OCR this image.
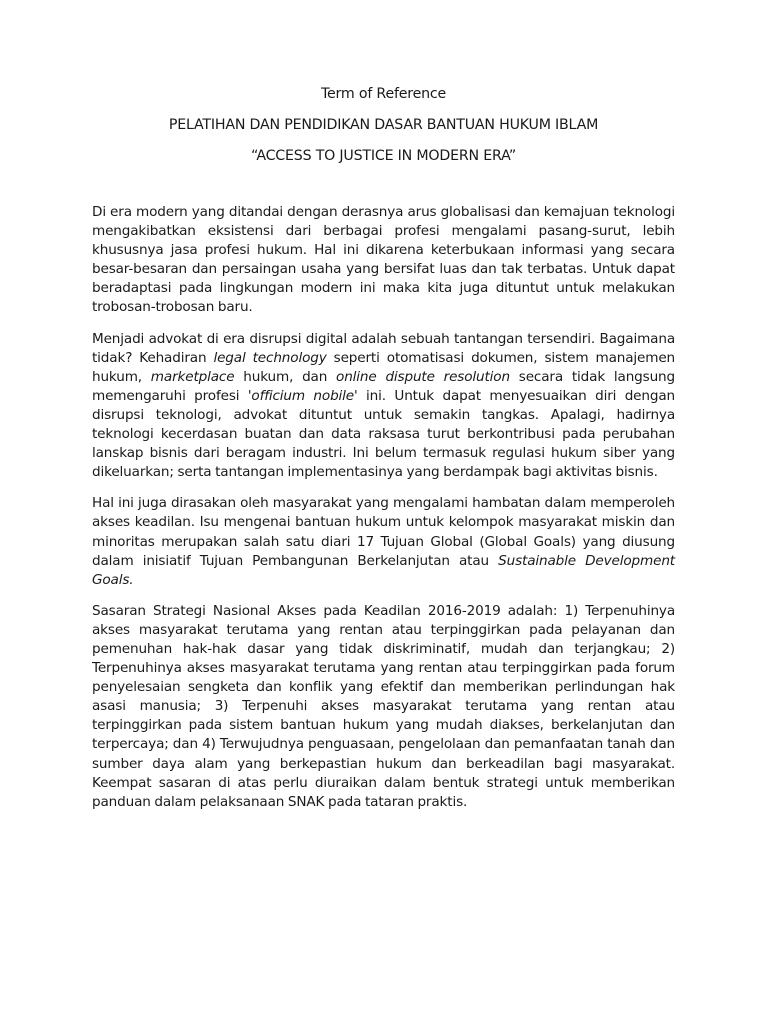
Term of Reference

PELATIHAN DAN PENDIDIKAN DASAR BANTUAN HUKUM IBLAM

“ACCESS TO JUSTICE IN MODERN ERA”

Di era modern yang ditandai dengan derasnya arus globalisasi dan kemajuan teknologi mengakibatkan eksistensi dari berbagai profesi mengalami pasang-surut, lebih khususnya jasa profesi hukum. Hal ini dikarena keterbukaan informasi yang secara besar-besaran dan persaingan usaha yang bersifat luas dan tak terbatas. Untuk dapat beradaptasi pada lingkungan modern ini maka kita juga dituntut untuk melakukan trobosan-trobosan baru.

Menjadi advokat di era disrupsi digital adalah sebuah tantangan tersendiri. Bagaimana tidak? Kehadiran legal technology seperti otomatisasi dokumen, sistem manajemen hukum, marketplace hukum, dan online dispute resolution secara tidak langsung memengaruhi profesi 'officium nobile' ini. Untuk dapat menyesuaikan diri dengan disrupsi teknologi, advokat dituntut untuk semakin tangkas. Apalagi, hadirnya teknologi kecerdasan buatan dan data raksasa turut berkontribusi pada perubahan lanskap bisnis dari beragam industri. Ini belum termasuk regulasi hukum siber yang dikeluarkan; serta tantangan implementasinya yang berdampak bagi aktivitas bisnis.

Hal ini juga dirasakan oleh masyarakat yang mengalami hambatan dalam memperoleh akses keadilan. Isu mengenai bantuan hukum untuk kelompok masyarakat miskin dan minoritas merupakan salah satu diari 17 Tujuan Global (Global Goals) yang diusung dalam inisiatif Tujuan Pembangunan Berkelanjutan atau Sustainable Development Goals.

Sasaran Strategi Nasional Akses pada Keadilan 2016-2019 adalah: 1) Terpenuhinya akses masyarakat terutama yang rentan atau terpinggirkan pada pelayanan dan pemenuhan hak-hak dasar yang tidak diskriminatif, mudah dan terjangkau; 2) Terpenuhinya akses masyarakat terutama yang rentan atau terpinggirkan pada forum penyelesaian sengketa dan konflik yang efektif dan memberikan perlindungan hak asasi manusia; 3) Terpenuhi akses masyarakat terutama yang rentan atau terpinggirkan pada sistem bantuan hukum yang mudah diakses, berkelanjutan dan terpercaya; dan 4) Terwujudnya penguasaan, pengelolaan dan pemanfaatan tanah dan sumber daya alam yang berkepastian hukum dan berkeadilan bagi masyarakat. Keempat sasaran di atas perlu diuraikan dalam bentuk strategi untuk memberikan panduan dalam pelaksanaan SNAK pada tataran praktis.
